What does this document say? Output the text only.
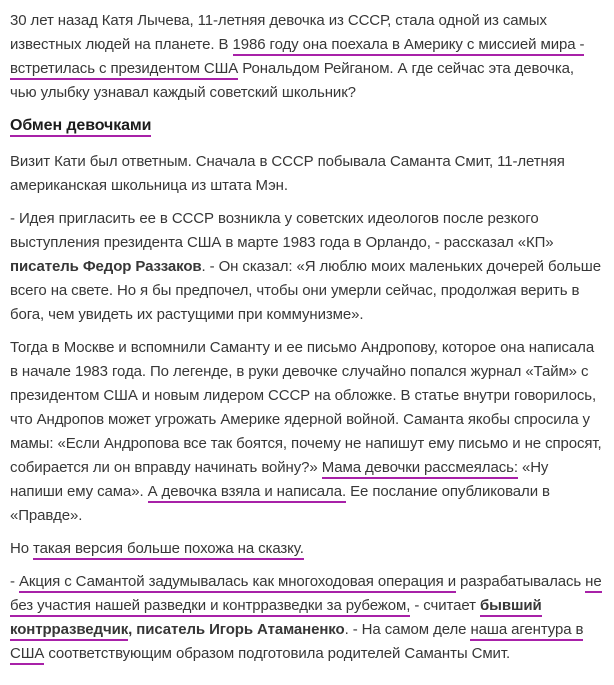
30 лет назад Катя Лычева, 11-летняя девочка из СССР, стала одной из самых известных людей на планете. В 1986 году она поехала в Америку с миссией мира - встретилась с президентом США Рональдом Рейганом. А где сейчас эта девочка, чью улыбку узнавал каждый советский школьник?

Обмен девочками

Визит Кати был ответным. Сначала в СССР побывала Саманта Смит, 11-летняя американская школьница из штата Мэн.

- Идея пригласить ее в СССР возникла у советских идеологов после резкого выступления президента США в марте 1983 года в Орландо, - рассказал «КП» писатель Федор Раззаков. - Он сказал: «Я люблю моих маленьких дочерей больше всего на свете. Но я бы предпочел, чтобы они умерли сейчас, продолжая верить в бога, чем увидеть их растущими при коммунизме».

Тогда в Москве и вспомнили Саманту и ее письмо Андропову, которое она написала в начале 1983 года. По легенде, в руки девочке случайно попался журнал «Тайм» с президентом США и новым лидером СССР на обложке. В статье внутри говорилось, что Андропов может угрожать Америке ядерной войной. Саманта якобы спросила у мамы: «Если Андропова все так боятся, почему не напишут ему письмо и не спросят, собирается ли он вправду начинать войну?» Мама девочки рассмеялась: «Ну напиши ему сама». А девочка взяла и написала. Ее послание опубликовали в «Правде».

Но такая версия больше похожа на сказку.

- Акция с Самантой задумывалась как многоходовая операция и разрабатывалась не без участия нашей разведки и контрразведки за рубежом, - считает бывший контрразведчик, писатель Игорь Атаманенко. - На самом деле наша агентура в США соответствующим образом подготовила родителей Саманты Смит.
